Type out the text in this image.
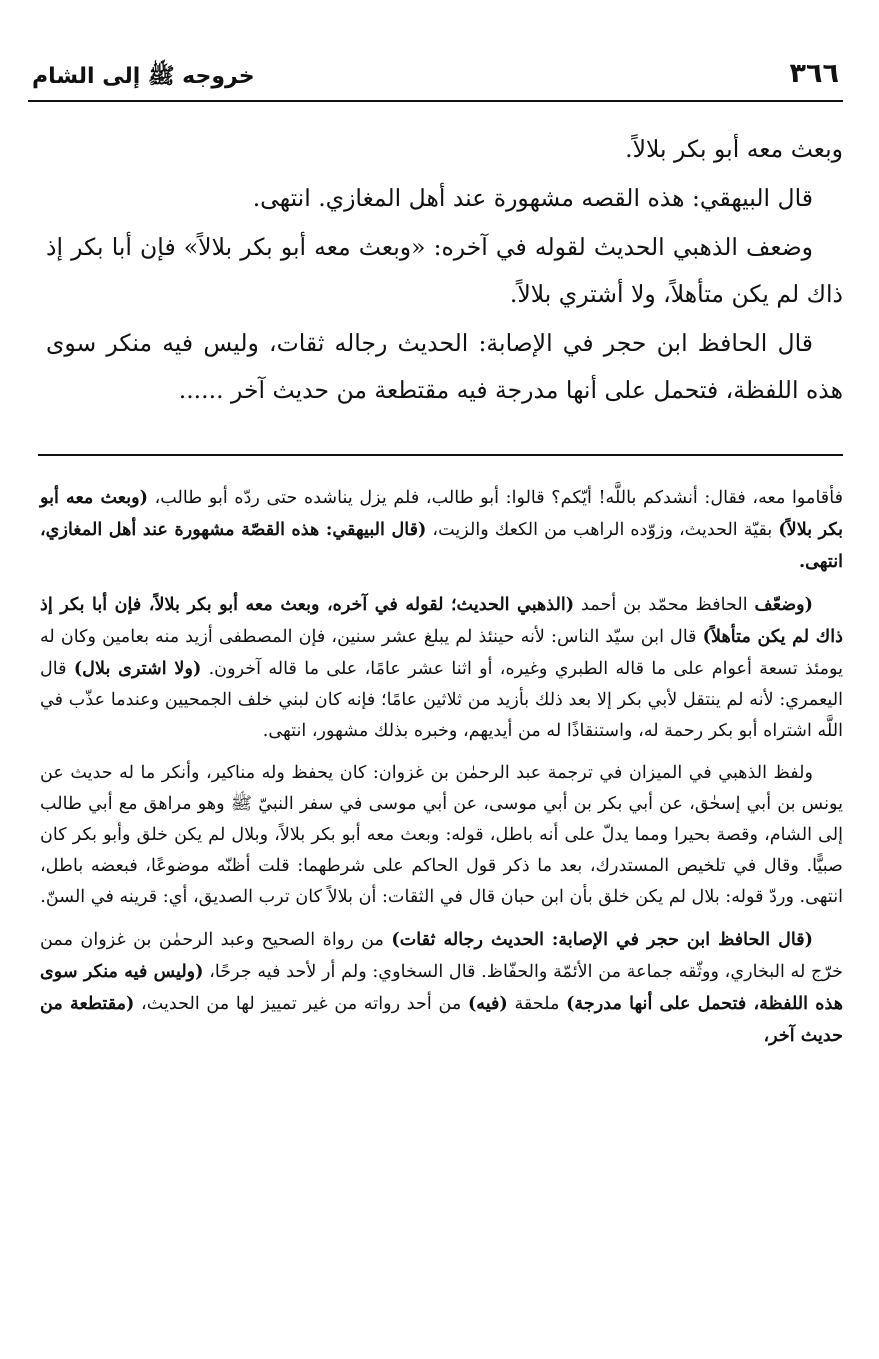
٣٦٦
خروجه ﷺ إلى الشام

وبعث معه أبو بكر بلالاً.

قال البيهقي: هذه القصه مشهورة عند أهل المغازي. انتهى.

وضعف الذهبي الحديث لقوله في آخره: «وبعث معه أبو بكر بلالاً» فإن أبا بكر إذ ذاك لم يكن متأهلاً، ولا أشتري بلالاً.

قال الحافظ ابن حجر في الإصابة: الحديث رجاله ثقات، وليس فيه منكر سوى هذه اللفظة، فتحمل على أنها مدرجة فيه مقتطعة من حديث آخر ......

فأقاموا معه، فقال: أنشدكم باللَّه! أيّكم؟ قالوا: أبو طالب، فلم يزل يناشده حتى ردّه أبو طالب، (وبعث معه أبو بكر بلالاً) بقيّة الحديث، وزوّده الراهب من الكعك والزيت، (قال البيهقي: هذه القصّة مشهورة عند أهل المغازي، انتهى.

(وضعّف الحافظ محمّد بن أحمد (الذهبي الحديث؛ لقوله في آخره، وبعث معه أبو بكر بلالاً، فإن أبا بكر إذ ذاك لم يكن متأهلاً) قال ابن سيّد الناس: لأنه حينئذ لم يبلغ عشر سنين، فإن المصطفى أزيد منه بعامين وكان له يومئذ تسعة أعوام على ما قاله الطبري وغيره، أو اثنا عشر عامًا، على ما قاله آخرون. (ولا اشترى بلال) قال اليعمري: لأنه لم ينتقل لأبي بكر إلا بعد ذلك بأزيد من ثلاثين عامًا؛ فإنه كان لبني خلف الجمحيين وعندما عذّب في اللَّه اشتراه أبو بكر رحمة له، واستنقاذًا له من أيديهم، وخبره بذلك مشهور، انتهى.

ولفظ الذهبي في الميزان في ترجمة عبد الرحمٰن بن غزوان: كان يحفظ وله مناكير، وأنكر ما له حديث عن يونس بن أبي إسحٰق، عن أبي بكر بن أبي موسى، عن أبي موسى في سفر النبيّ ﷺ وهو مراهق مع أبي طالب إلى الشام، وقصة بحيرا ومما يدلّ على أنه باطل، قوله: وبعث معه أبو بكر بلالاً، وبلال لم يكن خلق وأبو بكر كان صبيًّا. وقال في تلخيص المستدرك، بعد ما ذكر قول الحاكم على شرطهما: قلت أظنّه موضوعًا، فبعضه باطل، انتهى. وردّ قوله: بلال لم يكن خلق بأن ابن حبان قال في الثقات: أن بلالاً كان ترب الصديق، أي: قرينه في السنّ.

(قال الحافظ ابن حجر في الإصابة: الحديث رجاله ثقات) من رواة الصحيح وعبد الرحمٰن بن غزوان ممن خرّج له البخاري، ووثّقه جماعة من الأئمّة والحفّاظ. قال السخاوي: ولم أر لأحد فيه جرحًا، (وليس فيه منكر سوى هذه اللفظة، فتحمل على أنها مدرجة) ملحقة (فيه) من أحد رواته من غير تمييز لها من الحديث، (مقتطعة من حديث آخر،
